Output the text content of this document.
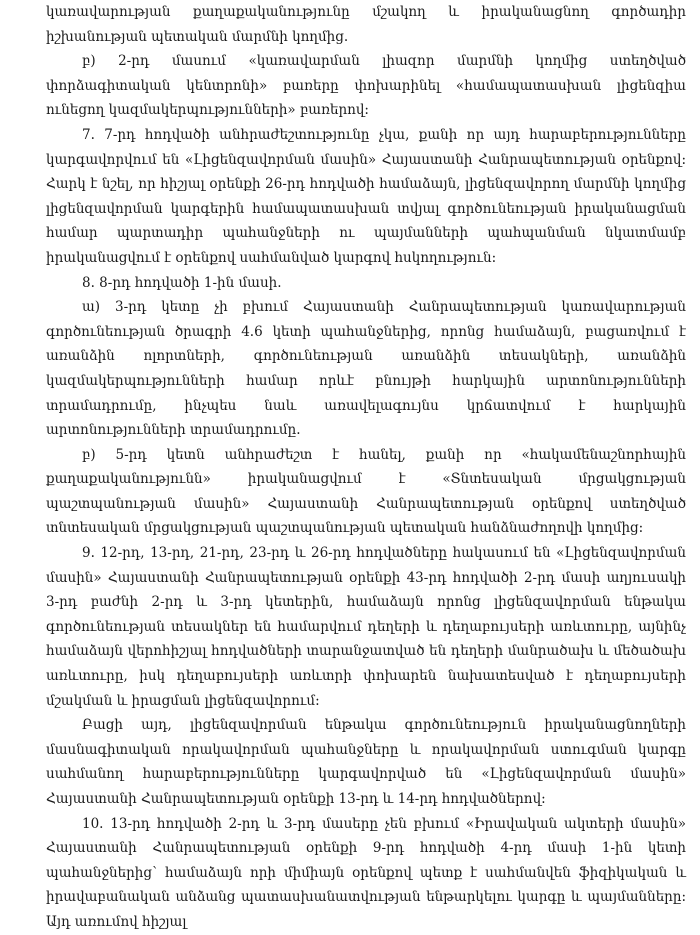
կառավարության քաղաքականությունը մշակող և իրականացնող գործադիր իշխանության պետական մարմնի կողմից.

բ) 2-րդ մասում «կառավարման լիազոր մարմնի կողմից ստեղծված փորձագիտական կենտրոնի» բառերը փոխարինել «համապատասխան լիցենզիա ունեցող կազմակերպությունների» բառերով:

7. 7-րդ հոդվածի անհրաժեշտությունը չկա, քանի որ այդ հարաբերությունները կարգավորվում են «Լիցենզավորման մասին» Հայաստանի Հանրապետության օրենքով: Հարկ է նշել, որ հիշյալ օրենքի 26-րդ հոդվածի համաձայն, լիցենզավորող մարմնի կողմից լիցենզավորման կարգերին համապատասխան տվյալ գործունեության իրականացման համար պարտադիր պահանջների ու պայմանների պահպանման նկատմամբ իրականացվում է օրենքով սահմանված կարգով հսկողություն:

8. 8-րդ հոդվածի 1-ին մասի.

ա) 3-րդ կետը չի բխում Հայաստանի Հանրապետության կառավարության գործունեության ծրագրի 4.6 կետի պահանջներից, որոնց համաձայն, բացառվում է առանձին ոլորտների, գործունեության առանձին տեսակների, առանձին կազմակերպությունների համար որևէ բնույթի հարկային արտոնությունների տրամադրումը, ինչպես նաև առավելագույնս կրճատվում է հարկային արտոնությունների տրամադրումը.

բ) 5-րդ կետն անհրաժեշտ է հանել, քանի որ «հակամենաշնորհային քաղաքականությունն» իրականացվում է «Տնտեսական մրցակցության պաշտպանության մասին» Հայաստանի Հանրապետության օրենքով ստեղծված տնտեսական մրցակցության պաշտպանության պետական հանձնաժողովի կողմից:

9. 12-րդ, 13-րդ, 21-րդ, 23-րդ և 26-րդ հոդվածները հակասում են «Լիցենզավորման մասին» Հայաստանի Հանրապետության օրենքի 43-րդ հոդվածի 2-րդ մասի աղյուսակի 3-րդ բաժնի 2-րդ և 3-րդ կետերին, համաձայն որոնց լիցենզավորման ենթակա գործունեության տեսակներ են համարվում դեղերի և դեղաբույսերի առևտուրը, այնինչ համաձայն վերոհիշյալ հոդվածների տարանջատված են դեղերի մանրածախ և մեծածախ առևտուրը, իսկ դեղաբույսերի առևտրի փոխարեն նախատեսված է դեղաբույսերի մշակման և իրացման լիցենզավորում:

Բացի այդ, լիցենզավորման ենթակա գործունեություն իրականացնողների մասնագիտական որակավորման պահանջները և որակավորման ստուգման կարգը սահմանող հարաբերությունները կարգավորված են «Լիցենզավորման մասին» Հայաստանի Հանրապետության օրենքի 13-րդ և 14-րդ հոդվածներով:

10. 13-րդ հոդվածի 2-րդ և 3-րդ մասերը չեն բխում «Իրավական ակտերի մասին» Հայաստանի Հանրապետության օրենքի 9-րդ հոդվածի 4-րդ մասի 1-ին կետի պահանջներից՝ համաձայն որի միմիայն օրենքով պետք է սահմանվեն ֆիզիկական և իրավաբանական անձանց պատասխանատվության ենթարկելու կարգը և պայմանները: Այդ առումով հիշյալ
